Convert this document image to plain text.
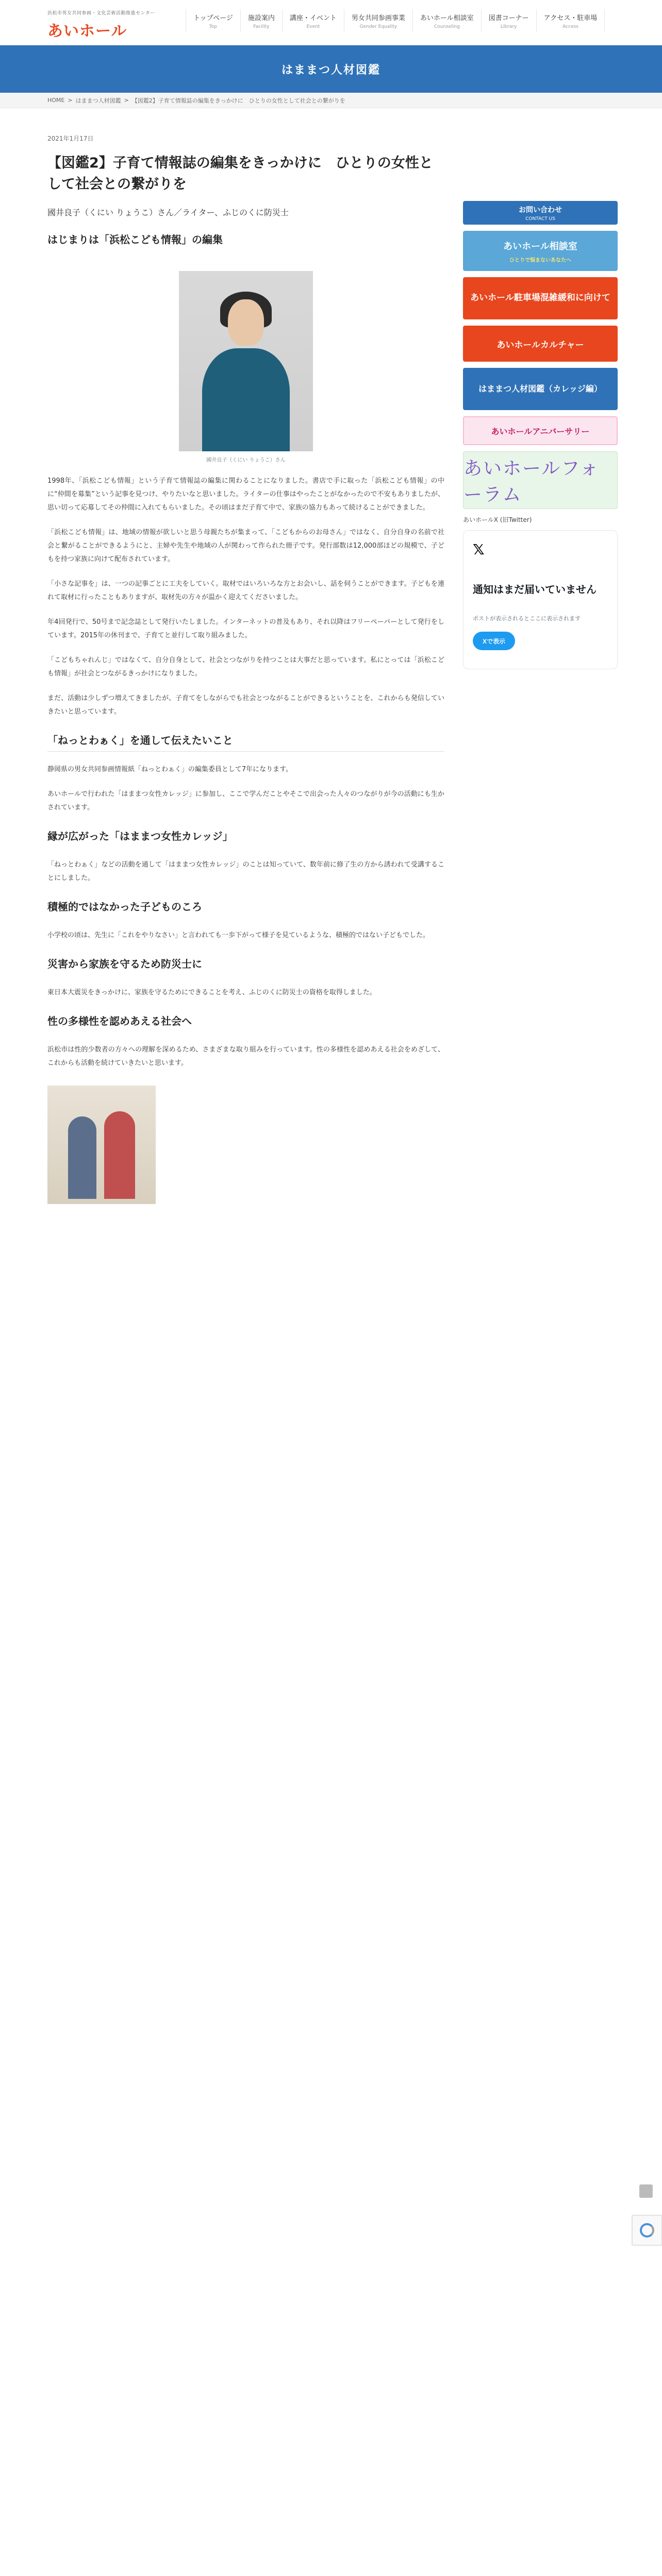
浜松市男女共同参画・文化芸術活動推進センター
あいホール
トップページ
Top
施設案内
Facility
講座・イベント
Event
男女共同参画事業
Gender Equality
あいホール相談室
Counseling
図書コーナー
Library
アクセス・駐車場
Access
はままつ人材図鑑
HOME > はままつ人材図鑑 > 【図鑑2】子育て情報誌の編集をきっかけに　ひとりの女性として社会との繋がりを
2021年1月17日
【図鑑2】子育て情報誌の編集をきっかけに　ひとりの女性として社会との繋がりを
國井良子（くにい りょうこ）さん／ライター、ふじのくに防災士
はじまりは「浜松こども情報」の編集
國井良子（くにい りょうこ）さん

1998年、「浜松こども情報」という子育て情報誌の編集に関わることになりました。書店で手に取った「浜松こども情報」の中に“仲間を募集”という記事を見つけ、やりたいなと思いました。ライターの仕事はやったことがなかったので不安もありましたが、思い切って応募してその仲間に入れてもらいました。その頃はまだ子育て中で、家族の協力もあって続けることができました。

「浜松こども情報」は、地域の情報が欲しいと思う母親たちが集まって、「こどもからのお母さん」ではなく、自分自身の名前で社会と繋がることができるようにと、主婦や先生や地域の人が関わって作られた冊子です。発行部数は12,000部ほどの規模で、子どもを持つ家族に向けて配布されています。

「小さな記事を」は、一つの記事ごとに工夫をしていく。取材ではいろいろな方とお会いし、話を伺うことができます。子どもを連れて取材に行ったこともありますが、取材先の方々が温かく迎えてくださいました。

年4回発行で、50号まで記念誌として発行いたしました。インターネットの普及もあり、それ以降はフリーペーパーとして発行をしています。2015年の休刊まで、子育てと並行して取り組みました。

「こどもちゃれんじ」ではなくて、自分自身として、社会とつながりを持つことは大事だと思っています。私にとっては「浜松こども情報」が社会とつながるきっかけになりました。

まだ、活動は少しずつ増えてきましたが、子育てをしながらでも社会とつながることができるということを、これからも発信していきたいと思っています。

「ねっとわぁく」を通して伝えたいこと

静岡県の男女共同参画情報紙「ねっとわぁく」の編集委員として7年になります。

あいホールで行われた「はままつ女性カレッジ」に参加し、ここで学んだことやそこで出会った人々のつながりが今の活動にも生かされています。

縁が広がった「はままつ女性カレッジ」

「ねっとわぁく」などの活動を通して「はままつ女性カレッジ」のことは知っていて、数年前に修了生の方から誘われて受講することにしました。

積極的ではなかった子どものころ

小学校の頃は、先生に「これをやりなさい」と言われても一歩下がって様子を見ているような、積極的ではない子どもでした。

災害から家族を守るため防災士に

東日本大震災をきっかけに、家族を守るためにできることを考え、ふじのくに防災士の資格を取得しました。

性の多様性を認めあえる社会へ

浜松市は性的少数者の方々への理解を深めるため、さまざまな取り組みを行っています。性の多様性を認めあえる社会をめざして、これからも活動を続けていきたいと思います。

お問い合わせ
CONTACT US
あいホール相談室
ひとりで悩まないあなたへ
あいホール駐車場混雑緩和に向けて
あいホールカルチャー
はままつ人材図鑑（カレッジ編）
あいホールアニバーサリー
あいホールフォーラム
あいホールX (旧Twitter)
𝕏
通知はまだ届いていません
ポストが表示されるとここに表示されます
Xで表示
